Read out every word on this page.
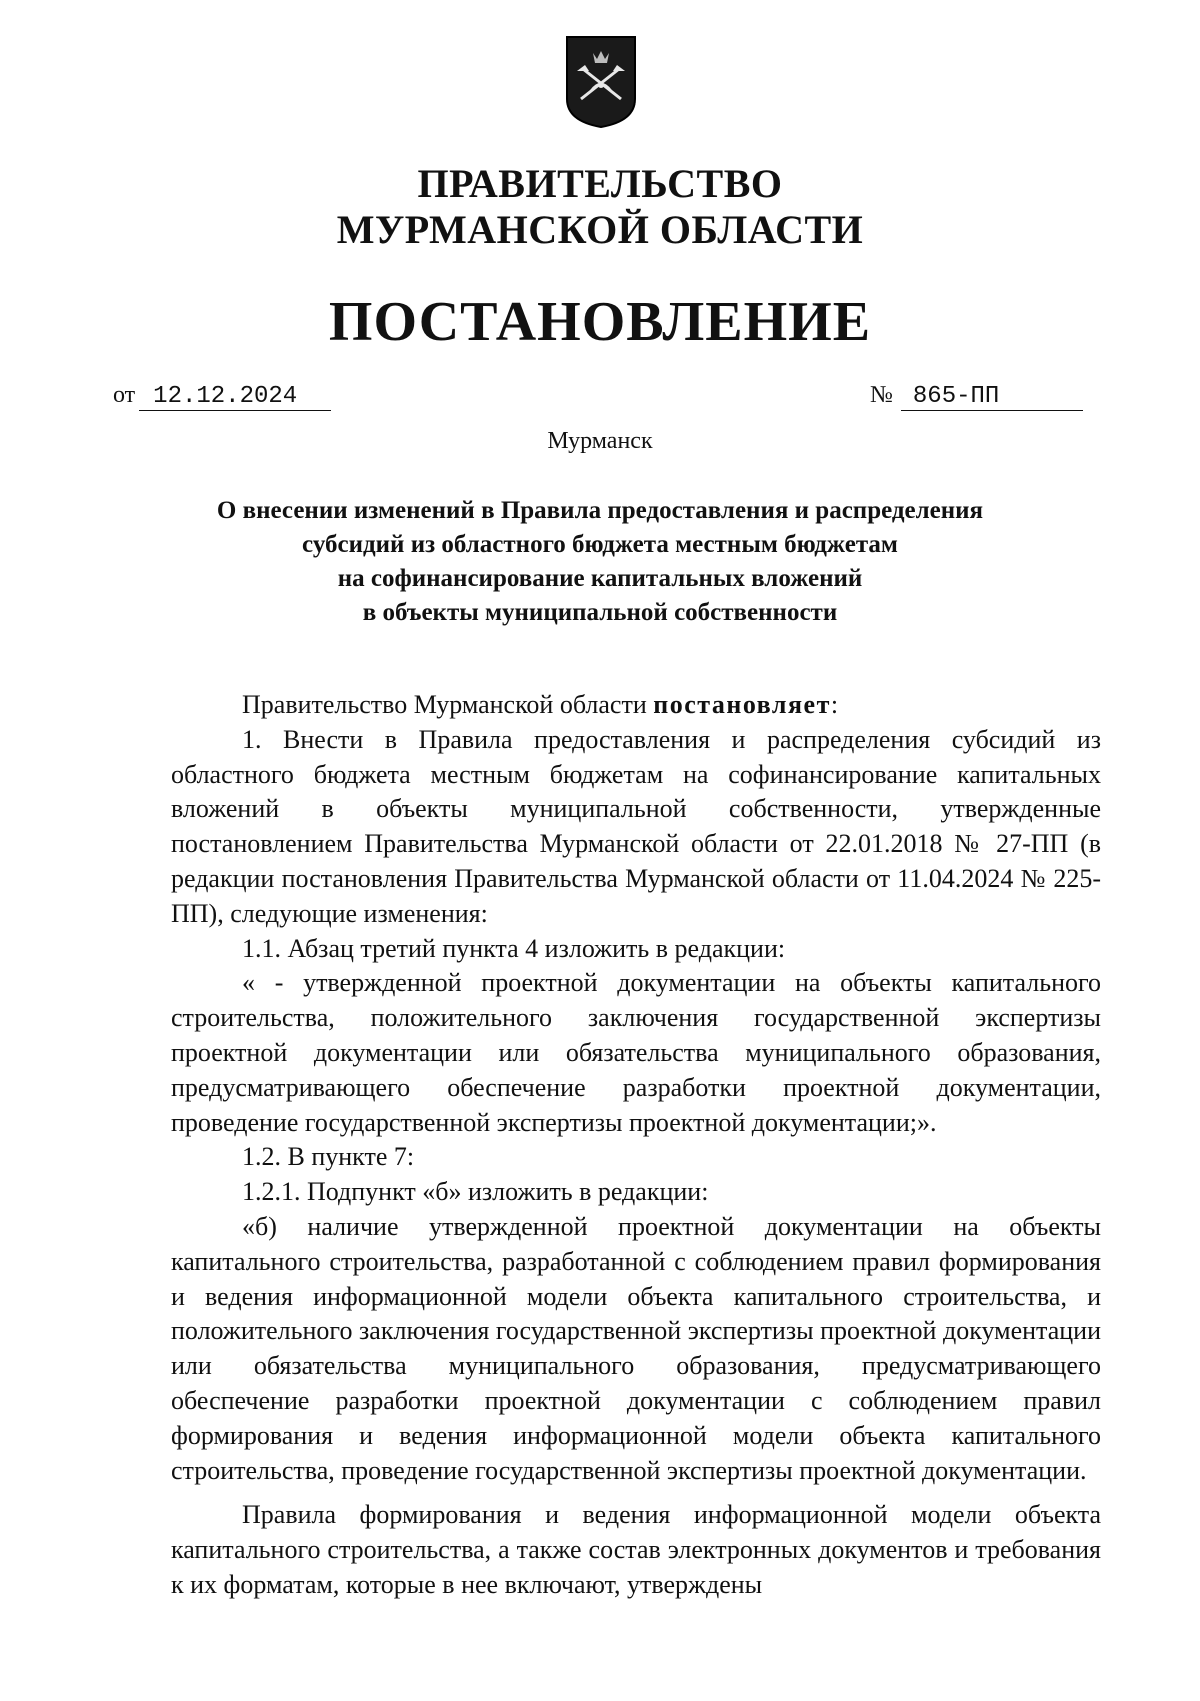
ПРАВИТЕЛЬСТВО
МУРМАНСКОЙ ОБЛАСТИ
ПОСТАНОВЛЕНИЕ
от 12.12.2024	№ 865-ПП
Мурманск
О внесении изменений в Правила предоставления и распределения
субсидий из областного бюджета местным бюджетам
на софинансирование капитальных вложений
в объекты муниципальной собственности

Правительство Мурманской области постановляет:

1. Внести в Правила предоставления и распределения субсидий из областного бюджета местным бюджетам на софинансирование капитальных вложений в объекты муниципальной собственности, утвержденные постановлением Правительства Мурманской области от 22.01.2018 № 27-ПП (в редакции постановления Правительства Мурманской области от 11.04.2024 № 225-ПП), следующие изменения:

1.1. Абзац третий пункта 4 изложить в редакции:

« - утвержденной проектной документации на объекты капитального строительства, положительного заключения государственной экспертизы проектной документации или обязательства муниципального образования, предусматривающего обеспечение разработки проектной документации, проведение государственной экспертизы проектной документации;».

1.2. В пункте 7:

1.2.1. Подпункт «б» изложить в редакции:

«б) наличие утвержденной проектной документации на объекты капитального строительства, разработанной с соблюдением правил формирования и ведения информационной модели объекта капитального строительства, и положительного заключения государственной экспертизы проектной документации или обязательства муниципального образования, предусматривающего обеспечение разработки проектной документации с соблюдением правил формирования и ведения информационной модели объекта капитального строительства, проведение государственной экспертизы проектной документации.

Правила формирования и ведения информационной модели объекта капитального строительства, а также состав электронных документов и требования к их форматам, которые в нее включают, утверждены
